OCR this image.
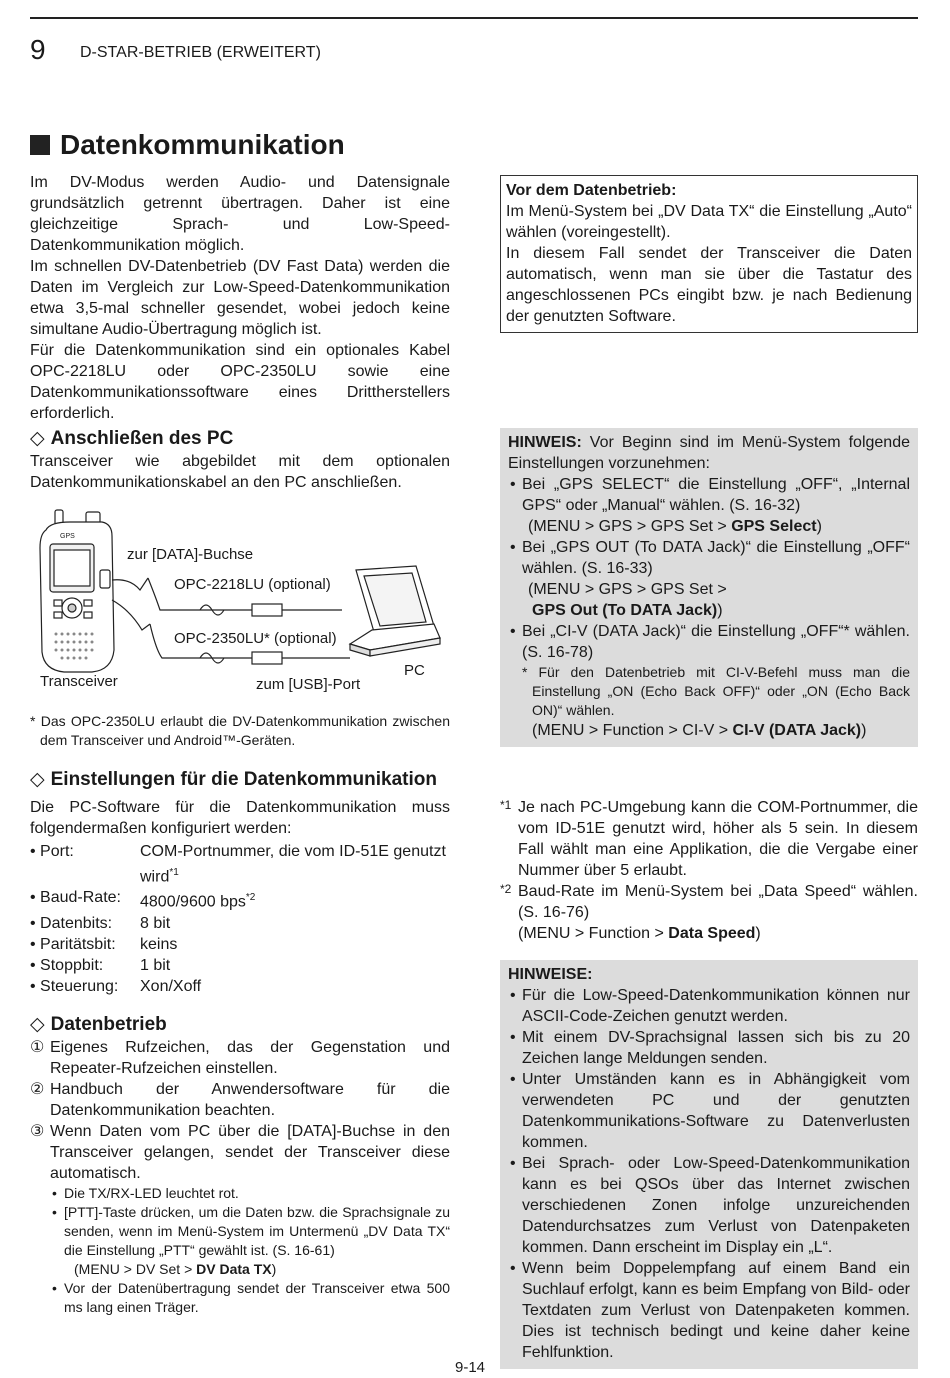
9 D-STAR-BETRIEB (ERWEITERT)
Datenkommunikation

Im DV-Modus werden Audio- und Datensignale grundsätzlich getrennt übertragen. Daher ist eine gleichzeitige Sprach- und Low-Speed-Datenkommunikation möglich.

Im schnellen DV-Datenbetrieb (DV Fast Data) werden die Daten im Vergleich zur Low-Speed-Datenkommunikation etwa 3,5-mal schneller gesendet, wobei jedoch keine simultane Audio-Übertragung möglich ist.

Für die Datenkommunikation sind ein optionales Kabel OPC-2218LU oder OPC-2350LU sowie eine Datenkommunikationssoftware eines Drittherstellers erforderlich.

◇ Anschließen des PC

Transceiver wie abgebildet mit dem optionalen Datenkommunikationskabel an den PC anschließen.

GPS
zur [DATA]-Buchse
OPC-2218LU (optional)
OPC-2350LU* (optional)
PC
Transceiver	zum [USB]-Port
* Das OPC-2350LU erlaubt die DV-Datenkommunikation zwischen dem Transceiver und Android™-Geräten.
◇ Einstellungen für die Datenkommunikation

Die PC-Software für die Datenkommunikation muss folgendermaßen konfiguriert werden:

• Port:	COM-Portnummer, die vom ID-51E genutzt wird$^{*1}$
• Baud-Rate:	4800/9600 bps$^{*2}$
• Datenbits:	8 bit
• Paritätsbit:	keins
• Stoppbit:	1 bit
• Steuerung:	Xon/Xoff
◇ Datenbetrieb
① Eigenes Rufzeichen, das der Gegenstation und Repeater-Rufzeichen einstellen.
② Handbuch der Anwendersoftware für die Datenkommunikation beachten.
③ Wenn Daten vom PC über die [DATA]-Buchse in den Transceiver gelangen, sendet der Transceiver diese automatisch.
• Die TX/RX-LED leuchtet rot.
• [PTT]-Taste drücken, um die Daten bzw. die Sprachsignale zu senden, wenn im Menü-System im Untermenü „DV Data TX“ die Einstellung „PTT“ gewählt ist. (S. 16-61)
(MENU > DV Set > DV Data TX)
• Vor der Datenübertragung sendet der Transceiver etwa 500 ms lang einen Träger.
Vor dem Datenbetrieb:

Im Menü-System bei „DV Data TX“ die Einstellung „Auto“ wählen (voreingestellt).

In diesem Fall sendet der Transceiver die Daten automatisch, wenn man sie über die Tastatur des angeschlossenen PCs eingibt bzw. je nach Bedienung der genutzten Software.

HINWEIS: Vor Beginn sind im Menü-System folgende Einstellungen vorzunehmen:

• Bei „GPS SELECT“ die Einstellung „OFF“, „Internal GPS“ oder „Manual“ wählen. (S. 16-32)
(MENU > GPS > GPS Set > GPS Select)
• Bei „GPS OUT (To DATA Jack)“ die Einstellung „OFF“ wählen. (S. 16-33)
(MENU > GPS > GPS Set >
GPS Out (To DATA Jack))
• Bei „CI-V (DATA Jack)“ die Einstellung „OFF“* wählen. (S. 16-78)
* Für den Datenbetrieb mit CI-V-Befehl muss man die Einstellung „ON (Echo Back OFF)“ oder „ON (Echo Back ON)“ wählen.
(MENU > Function > CI-V > CI-V (DATA Jack))
*1 Je nach PC-Umgebung kann die COM-Portnummer, die vom ID-51E genutzt wird, höher als 5 sein. In diesem Fall wählt man eine Applikation, die die Vergabe einer Nummer über 5 erlaubt.
*2 Baud-Rate im Menü-System bei „Data Speed“ wählen. (S. 16-76)
(MENU > Function > Data Speed)
HINWEISE:
• Für die Low-Speed-Datenkommunikation können nur ASCII-Code-Zeichen genutzt werden.
• Mit einem DV-Sprachsignal lassen sich bis zu 20 Zeichen lange Meldungen senden.
• Unter Umständen kann es in Abhängigkeit vom verwendeten PC und der genutzten Datenkommunikations-Software zu Datenverlusten kommen.
• Bei Sprach- oder Low-Speed-Datenkommunikation kann es bei QSOs über das Internet zwischen verschiedenen Zonen infolge unzureichenden Datendurchsatzes zum Verlust von Datenpaketen kommen. Dann erscheint im Display ein „L“.
• Wenn beim Doppelempfang auf einem Band ein Suchlauf erfolgt, kann es beim Empfang von Bild- oder Textdaten zum Verlust von Datenpaketen kommen. Dies ist technisch bedingt und keine daher keine Fehlfunktion.
9-14
